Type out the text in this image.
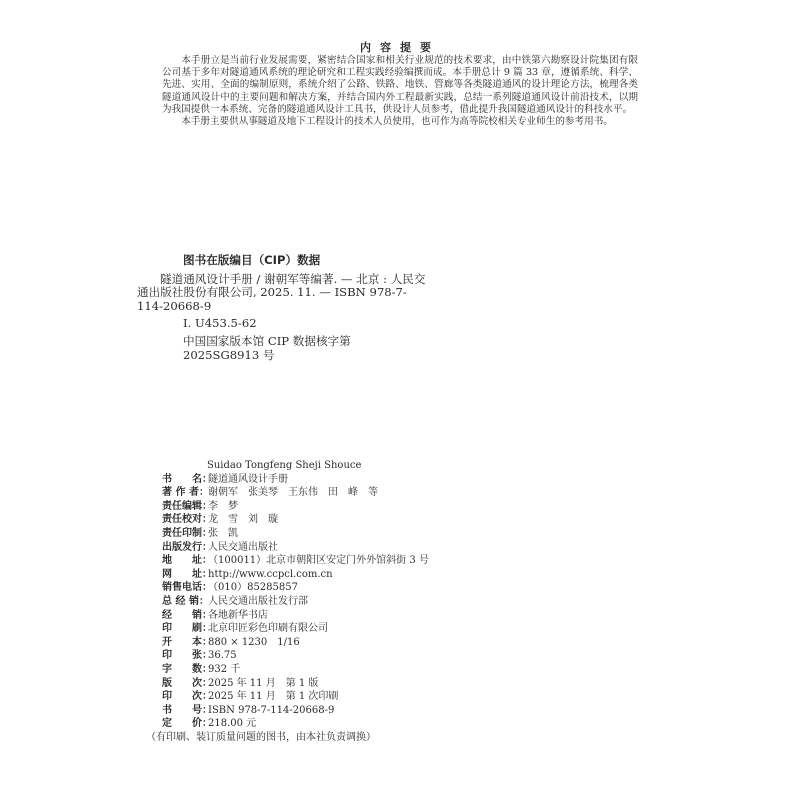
内容提要

本手册立是当前行业发展需要，紧密结合国家和相关行业规范的技术要求，由中铁第六勘察设计院集团有限公司基于多年对隧道通风系统的理论研究和工程实践经验编撰而成。本手册总计 9 篇 33 章，遵循系统、科学、先进、实用、全面的编制原则，系统介绍了公路、铁路、地铁、管廊等各类隧道通风的设计理论方法，梳理各类隧道通风设计中的主要问题和解决方案，并结合国内外工程最新实践，总结一系列隧道通风设计前沿技术，以期为我国提供一本系统、完备的隧道通风设计工具书，供设计人员参考，借此提升我国隧道通风设计的科技水平。

本手册主要供从事隧道及地下工程设计的技术人员使用，也可作为高等院校相关专业师生的参考用书。

图书在版编目（CIP）数据

隧道通风设计手册 / 谢朝军等编著. — 北京 : 人民交通出版社股份有限公司, 2025. 11. — ISBN 978-7-114-20668-9

Ⅰ. U453.5-62

中国国家版本馆 CIP 数据核字第 2025SG8913 号

Suidao Tongfeng Sheji Shouce
书　　名：
隧道通风设计手册
著 作 者： 谢朝军　张美琴　王东伟　田　峰　等
责任编辑：
李　梦
责任校对：
龙　雪　刘　璇
责任印制：
张　凯
出版发行：
人民交通出版社
地　　址：
（100011）北京市朝阳区安定门外外馆斜街 3 号
网　　址：
http://www.ccpcl.com.cn
销售电话：
（010）85285857
总 经 销： 人民交通出版社发行部
经　　销：
各地新华书店
印　　刷：
北京印匠彩色印刷有限公司
开　　本：
880 × 1230　1/16
印　　张：
36.75
字　　数：
932 千
版　　次：
2025 年 11 月　第 1 版
印　　次：
2025 年 11 月　第 1 次印刷
书　　号：
ISBN 978-7-114-20668-9
定　　价：
218.00 元
（有印刷、装订质量问题的图书，由本社负责调换）
